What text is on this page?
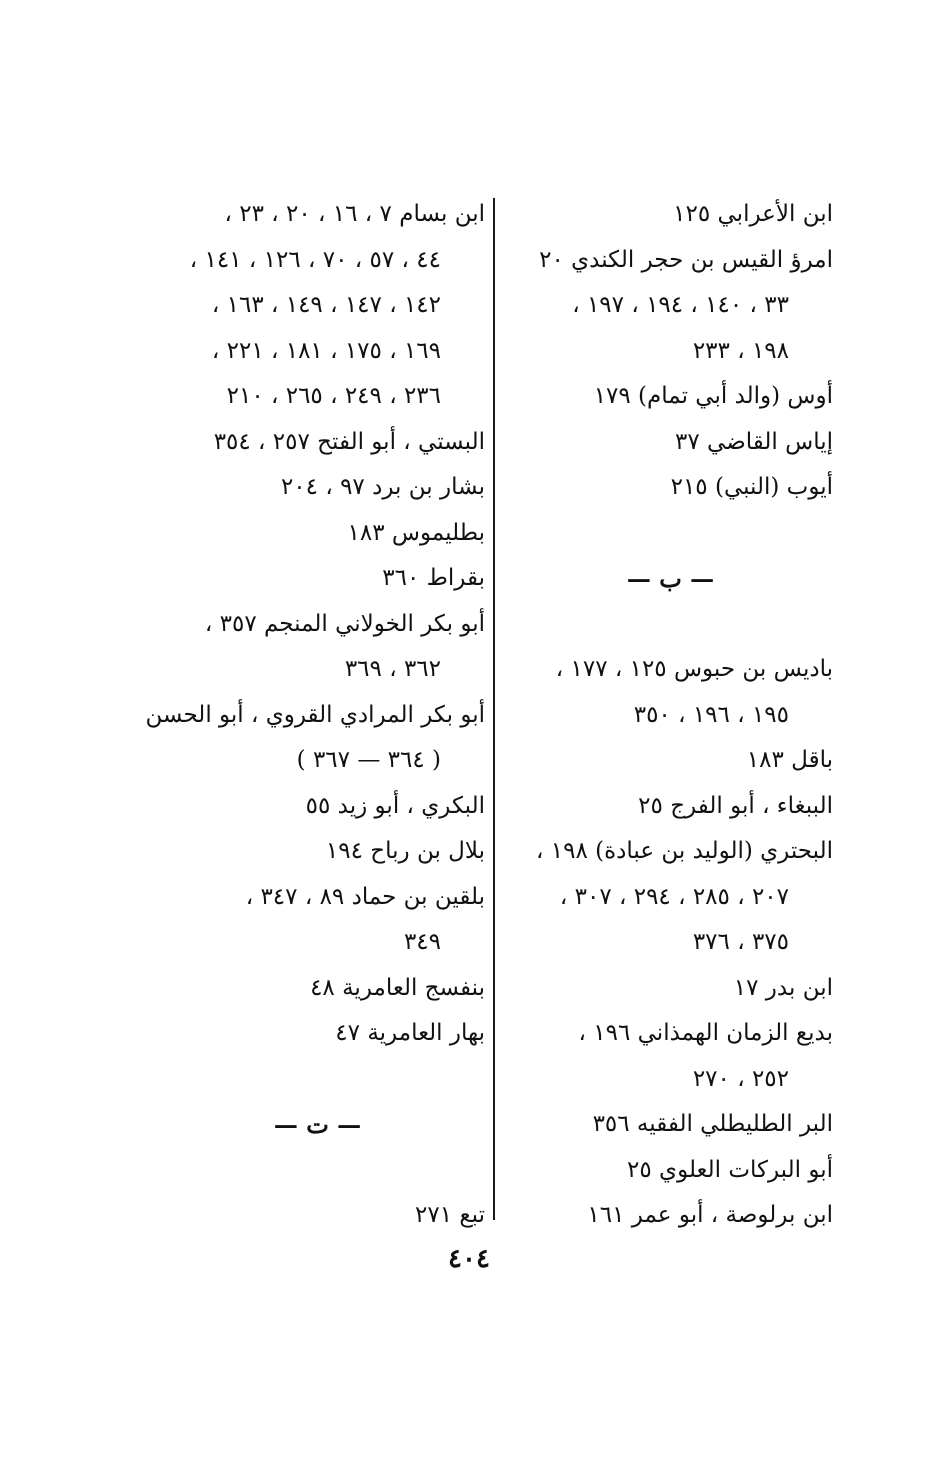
ابن الأعرابي ١٢٥
امرؤ القيس بن حجر الكندي ٢٠
٣٣ ، ١٤٠ ، ١٩٤ ، ١٩٧ ،
١٩٨ ، ٢٣٣
أوس (والد أبي تمام) ١٧٩
إياس القاضي ٣٧
أيوب (النبي) ٢١٥
— ب —
باديس بن حبوس ١٢٥ ، ١٧٧ ،
١٩٥ ، ١٩٦ ، ٣٥٠
باقل ١٨٣
الببغاء ، أبو الفرج ٢٥
البحتري (الوليد بن عبادة) ١٩٨ ،
٢٠٧ ، ٢٨٥ ، ٢٩٤ ، ٣٠٧ ،
٣٧٥ ، ٣٧٦
ابن بدر ١٧
بديع الزمان الهمذاني ١٩٦ ،
٢٥٢ ، ٢٧٠
البر الطليطلي الفقيه ٣٥٦
أبو البركات العلوي ٢٥
ابن برلوصة ، أبو عمر ١٦١
ابن بسام ٧ ، ١٦ ، ٢٠ ، ٢٣ ،
٤٤ ، ٥٧ ، ٧٠ ، ١٢٦ ، ١٤١ ،
١٤٢ ، ١٤٧ ، ١٤٩ ، ١٦٣ ،
١٦٩ ، ١٧٥ ، ١٨١ ، ٢٢١ ،
٢٣٦ ، ٢٤٩ ، ٢٦٥ ، ٢١٠
البستي ، أبو الفتح ٢٥٧ ، ٣٥٤
بشار بن برد ٩٧ ، ٢٠٤
بطليموس ١٨٣
بقراط ٣٦٠
أبو بكر الخولاني المنجم ٣٥٧ ،
٣٦٢ ، ٣٦٩
أبو بكر المرادي القروي ، أبو الحسن
( ٣٦٤ — ٣٦٧ )
البكري ، أبو زيد ٥٥
بلال بن رباح ١٩٤
بلقين بن حماد ٨٩ ، ٣٤٧ ،
٣٤٩
بنفسج العامرية ٤٨
بهار العامرية ٤٧
— ت —
تبع ٢٧١
٤٠٤
